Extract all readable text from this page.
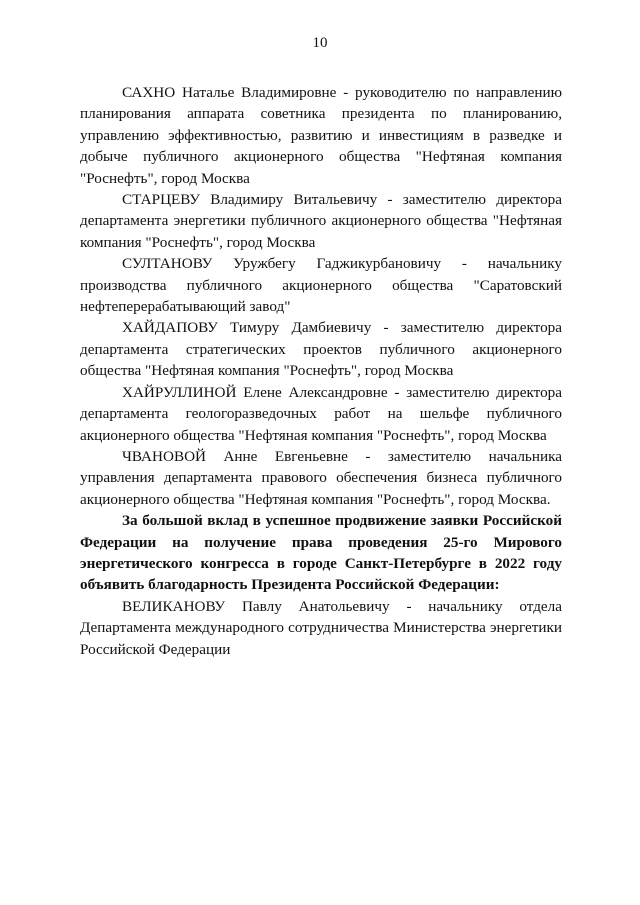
10

САХНО Наталье Владимировне - руководителю по направлению планирования аппарата советника президента по планированию, управлению эффективностью, развитию и инвестициям в разведке и добыче публичного акционерного общества "Нефтяная компания "Роснефть", город Москва

СТАРЦЕВУ Владимиру Витальевичу - заместителю директора департамента энергетики публичного акционерного общества "Нефтяная компания "Роснефть", город Москва

СУЛТАНОВУ Уружбегу Гаджикурбановичу - начальнику производства публичного акционерного общества "Саратовский нефтеперерабатывающий завод"

ХАЙДАПОВУ Тимуру Дамбиевичу - заместителю директора департамента стратегических проектов публичного акционерного общества "Нефтяная компания "Роснефть", город Москва

ХАЙРУЛЛИНОЙ Елене Александровне - заместителю директора департамента геологоразведочных работ на шельфе публичного акционерного общества "Нефтяная компания "Роснефть", город Москва

ЧВАНОВОЙ Анне Евгеньевне - заместителю начальника управления департамента правового обеспечения бизнеса публичного акционерного общества "Нефтяная компания "Роснефть", город Москва.

За большой вклад в успешное продвижение заявки Российской Федерации на получение права проведения 25-го Мирового энергетического конгресса в городе Санкт-Петербурге в 2022 году объявить благодарность Президента Российской Федерации:

ВЕЛИКАНОВУ Павлу Анатольевичу - начальнику отдела Департамента международного сотрудничества Министерства энергетики Российской Федерации
